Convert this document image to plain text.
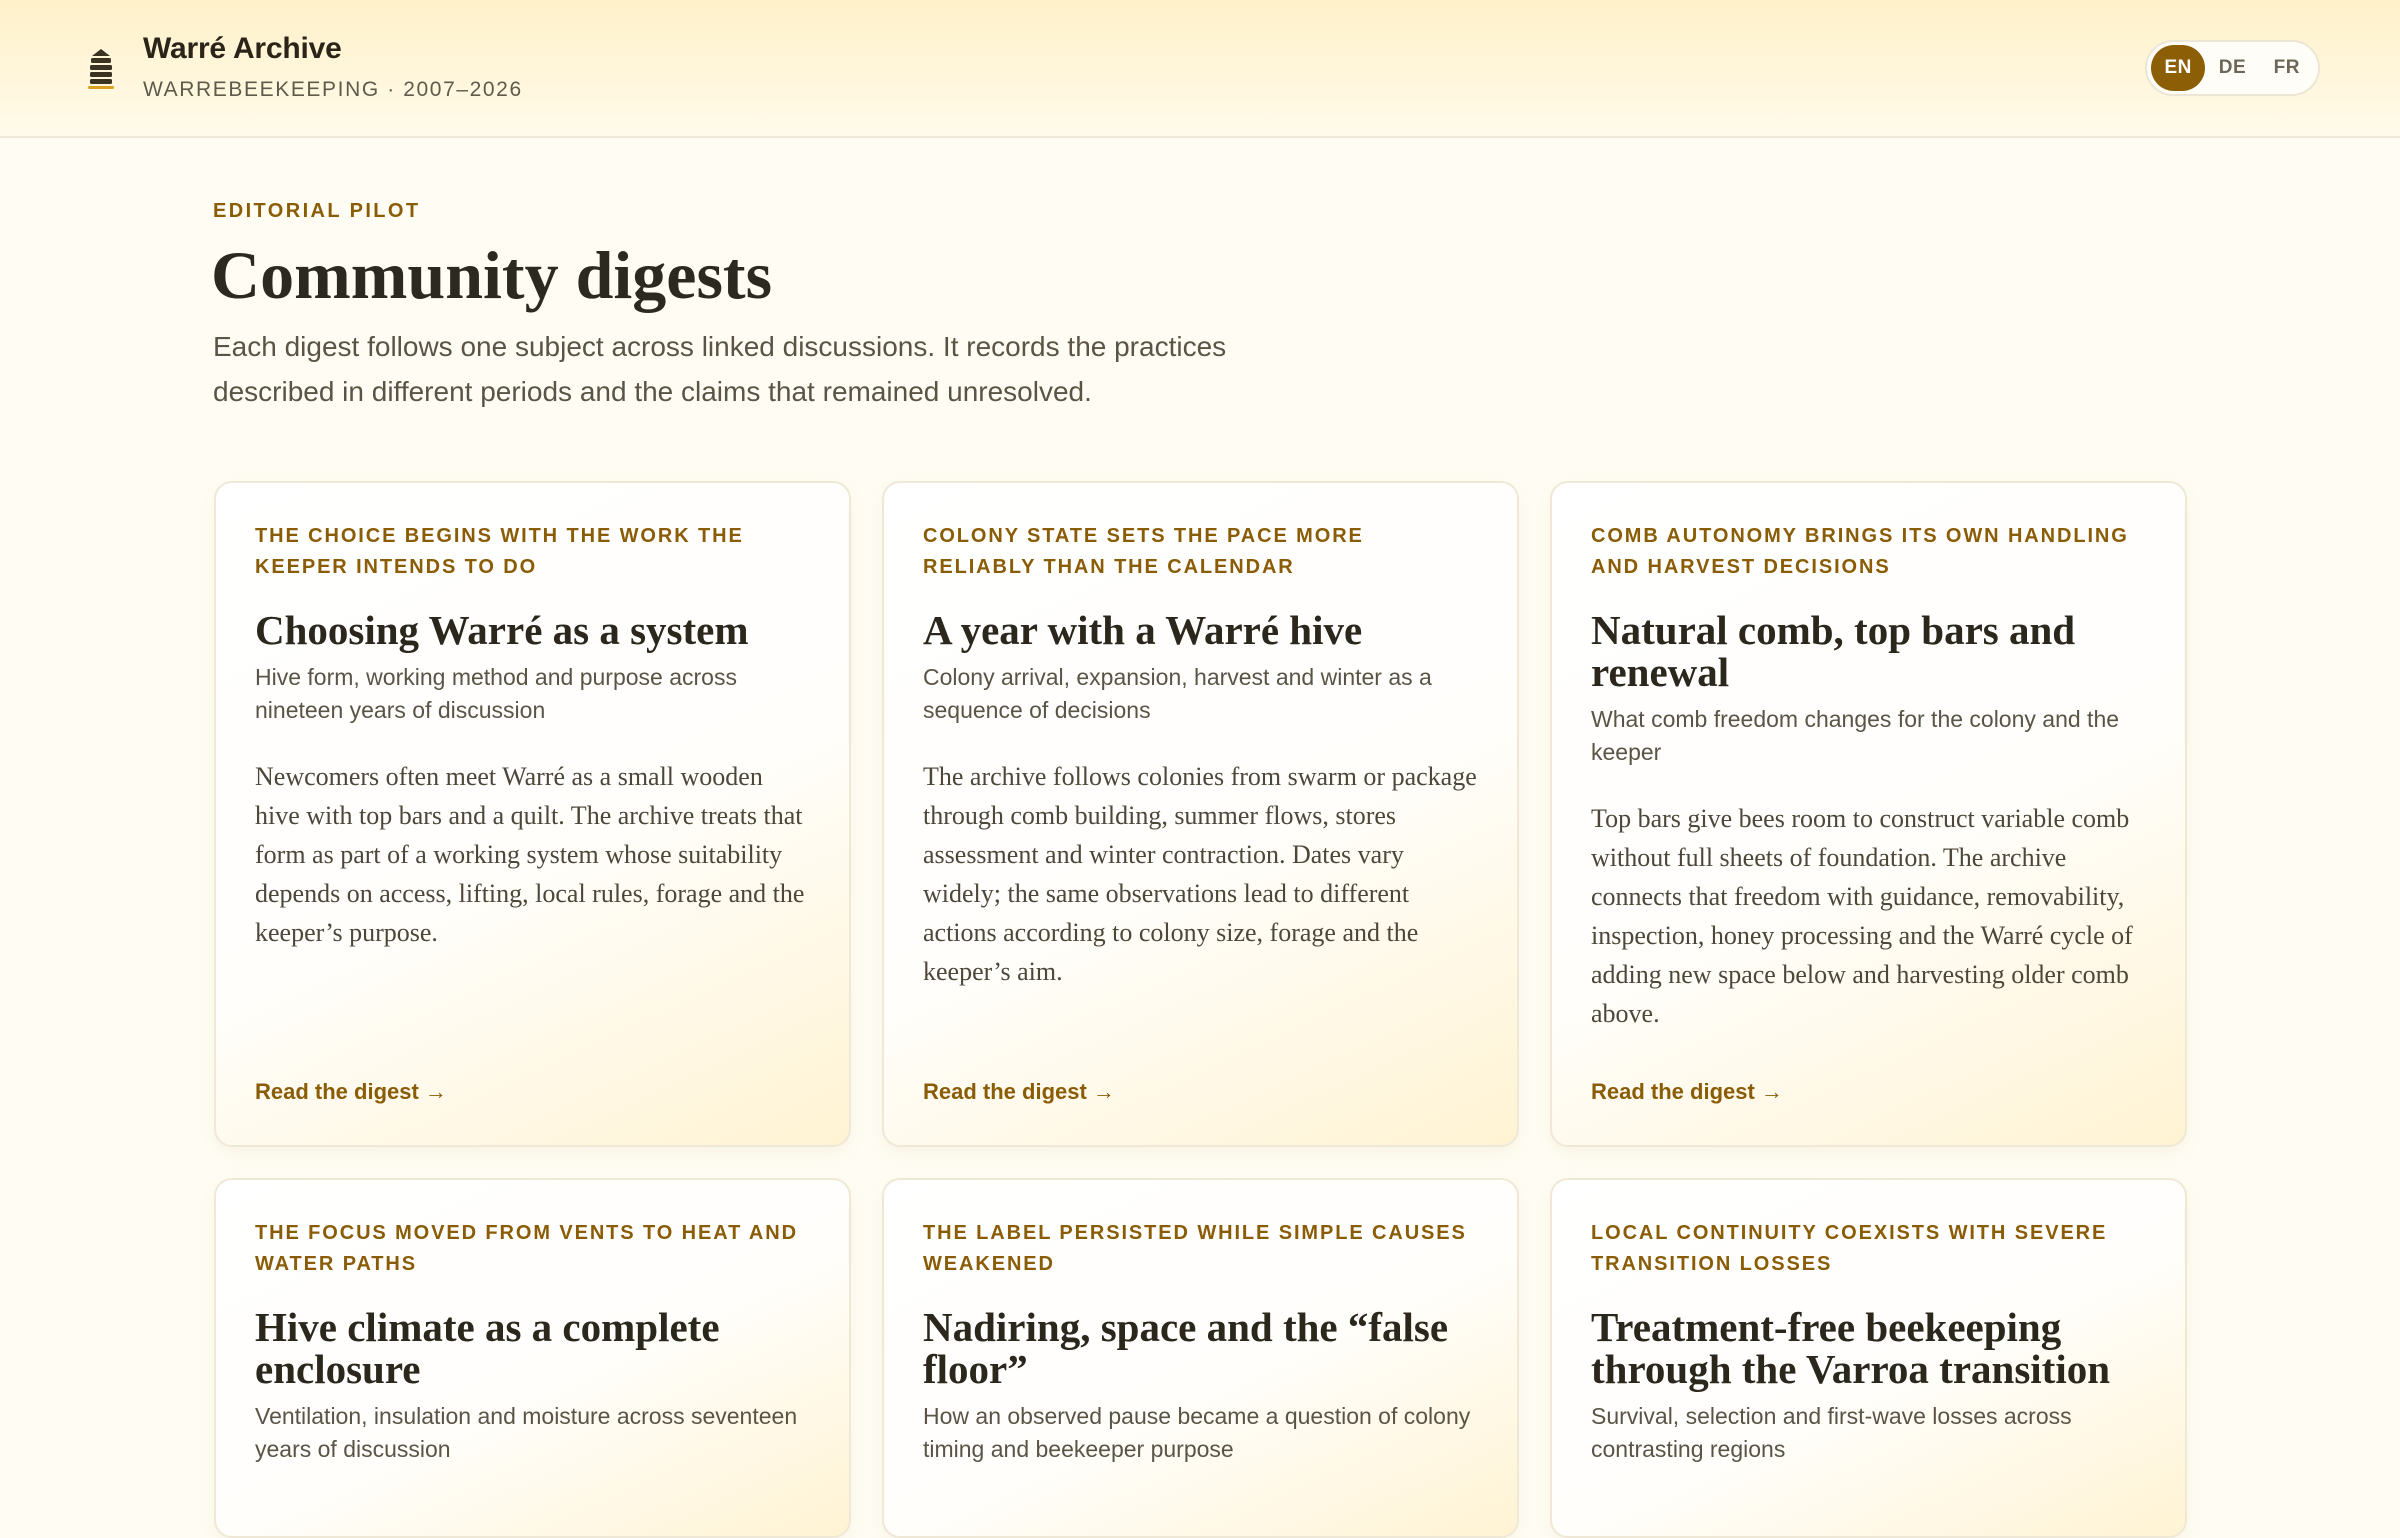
Warré Archive
WARREBEEKEEPING · 2007–2026
EN	DE	FR
EDITORIAL PILOT
Community digests

Each digest follows one subject across linked discussions. It records the practices described in different periods and the claims that remained unresolved.

THE CHOICE BEGINS WITH THE WORK THE KEEPER INTENDS TO DO
Choosing Warré as a system
Hive form, working method and purpose across nineteen years of discussion
Newcomers often meet Warré as a small wooden hive with top bars and a quilt. The archive treats that form as part of a working system whose suitability depends on access, lifting, local rules, forage and the keeper’s purpose.
Read the digest →
COLONY STATE SETS THE PACE MORE RELIABLY THAN THE CALENDAR
A year with a Warré hive
Colony arrival, expansion, harvest and winter as a sequence of decisions
The archive follows colonies from swarm or package through comb building, summer flows, stores assessment and winter contraction. Dates vary widely; the same observations lead to different actions according to colony size, forage and the keeper’s aim.
Read the digest →
COMB AUTONOMY BRINGS ITS OWN HANDLING AND HARVEST DECISIONS
Natural comb, top bars and renewal
What comb freedom changes for the colony and the keeper
Top bars give bees room to construct variable comb without full sheets of foundation. The archive connects that freedom with guidance, removability, inspection, honey processing and the Warré cycle of adding new space below and harvesting older comb above.
Read the digest →
THE FOCUS MOVED FROM VENTS TO HEAT AND WATER PATHS
Hive climate as a complete enclosure
Ventilation, insulation and moisture across seventeen years of discussion
THE LABEL PERSISTED WHILE SIMPLE CAUSES WEAKENED
Nadiring, space and the “false floor”
How an observed pause became a question of colony timing and beekeeper purpose
LOCAL CONTINUITY COEXISTS WITH SEVERE TRANSITION LOSSES
Treatment-free beekeeping through the Varroa transition
Survival, selection and first-wave losses across contrasting regions
